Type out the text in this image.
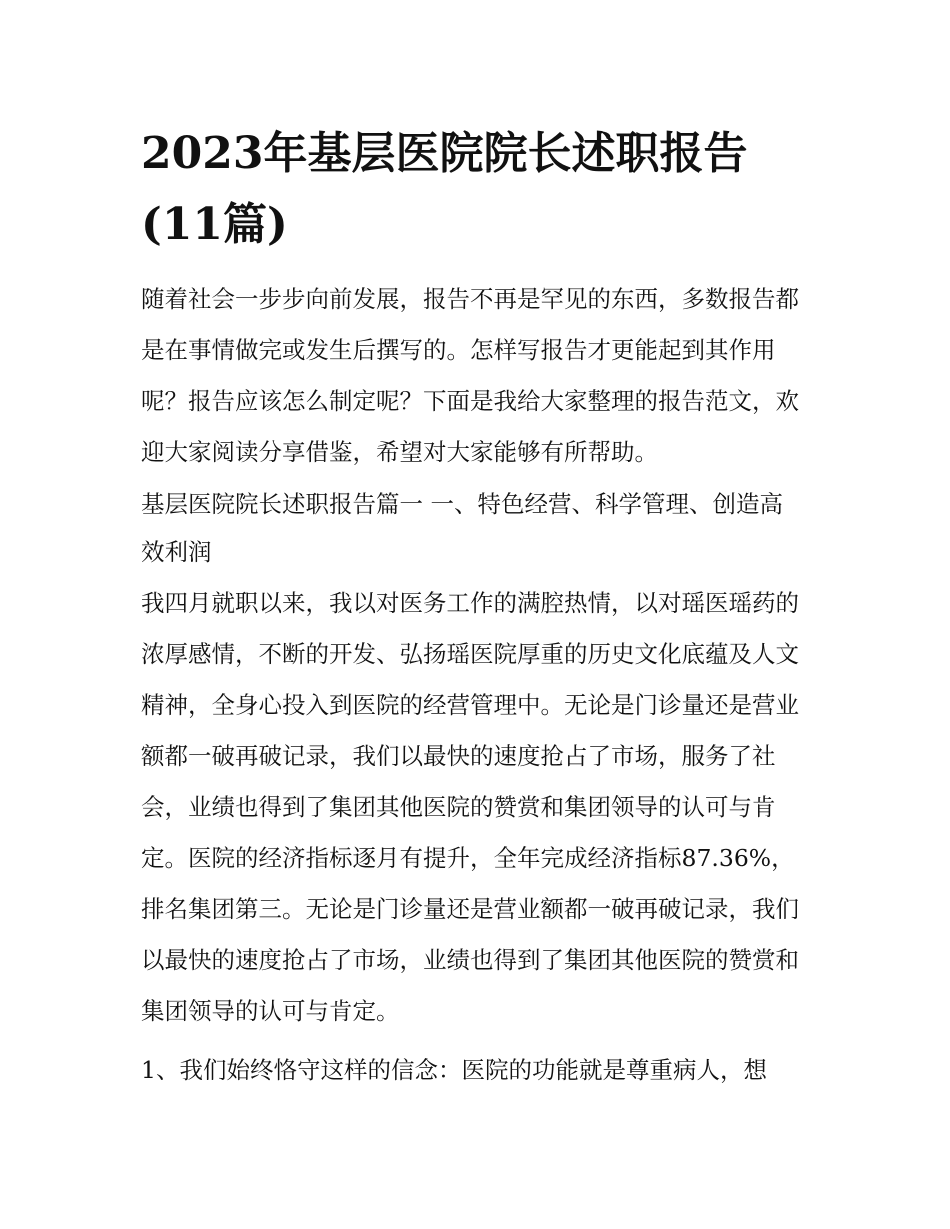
2023年基层医院院长述职报告(11篇)

随着社会一步步向前发展，报告不再是罕见的东西，多数报告都是在事情做完或发生后撰写的。怎样写报告才更能起到其作用呢？报告应该怎么制定呢？下面是我给大家整理的报告范文，欢迎大家阅读分享借鉴，希望对大家能够有所帮助。

基层医院院长述职报告篇一 一、特色经营、科学管理、创造高效利润

我四月就职以来，我以对医务工作的满腔热情，以对瑶医瑶药的浓厚感情，不断的开发、弘扬瑶医院厚重的历史文化底蕴及人文精神，全身心投入到医院的经营管理中。无论是门诊量还是营业额都一破再破记录，我们以最快的速度抢占了市场，服务了社会，业绩也得到了集团其他医院的赞赏和集团领导的认可与肯定。医院的经济指标逐月有提升，全年完成经济指标87.36%，排名集团第三。无论是门诊量还是营业额都一破再破记录，我们以最快的速度抢占了市场，业绩也得到了集团其他医院的赞赏和集团领导的认可与肯定。

1、我们始终恪守这样的信念：医院的功能就是尊重病人，想
